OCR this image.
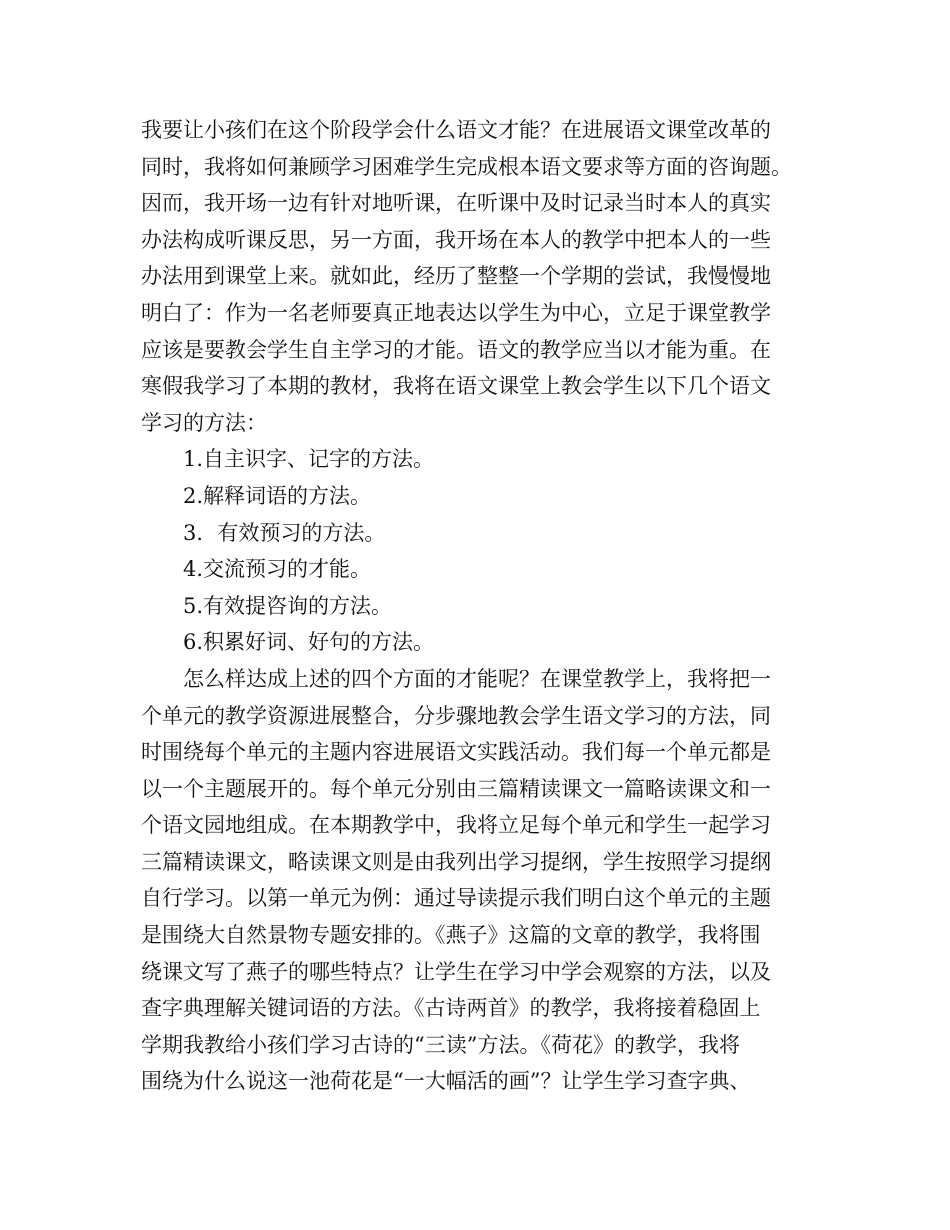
我要让小孩们在这个阶段学会什么语文才能？在进展语文课堂改革的
同时，我将如何兼顾学习困难学生完成根本语文要求等方面的咨询题。
因而，我开场一边有针对地听课，在听课中及时记录当时本人的真实
办法构成听课反思，另一方面，我开场在本人的教学中把本人的一些
办法用到课堂上来。就如此，经历了整整一个学期的尝试，我慢慢地
明白了：作为一名老师要真正地表达以学生为中心，立足于课堂教学
应该是要教会学生自主学习的才能。语文的教学应当以才能为重。在
寒假我学习了本期的教材，我将在语文课堂上教会学生以下几个语文
学习的方法：
1.自主识字、记字的方法。
2.解释词语的方法。
3．有效预习的方法。
4.交流预习的才能。
5.有效提咨询的方法。
6.积累好词、好句的方法。
怎么样达成上述的四个方面的才能呢？在课堂教学上，我将把一
个单元的教学资源进展整合，分步骤地教会学生语文学习的方法，同
时围绕每个单元的主题内容进展语文实践活动。我们每一个单元都是
以一个主题展开的。每个单元分别由三篇精读课文一篇略读课文和一
个语文园地组成。在本期教学中，我将立足每个单元和学生一起学习
三篇精读课文，略读课文则是由我列出学习提纲，学生按照学习提纲
自行学习。以第一单元为例：通过导读提示我们明白这个单元的主题
是围绕大自然景物专题安排的。《燕子》这篇的文章的教学，我将围
绕课文写了燕子的哪些特点？让学生在学习中学会观察的方法，以及
查字典理解关键词语的方法。《古诗两首》的教学，我将接着稳固上
学期我教给小孩们学习古诗的“三读”方法。《荷花》的教学，我将
围绕为什么说这一池荷花是“一大幅活的画”？让学生学习查字典、
